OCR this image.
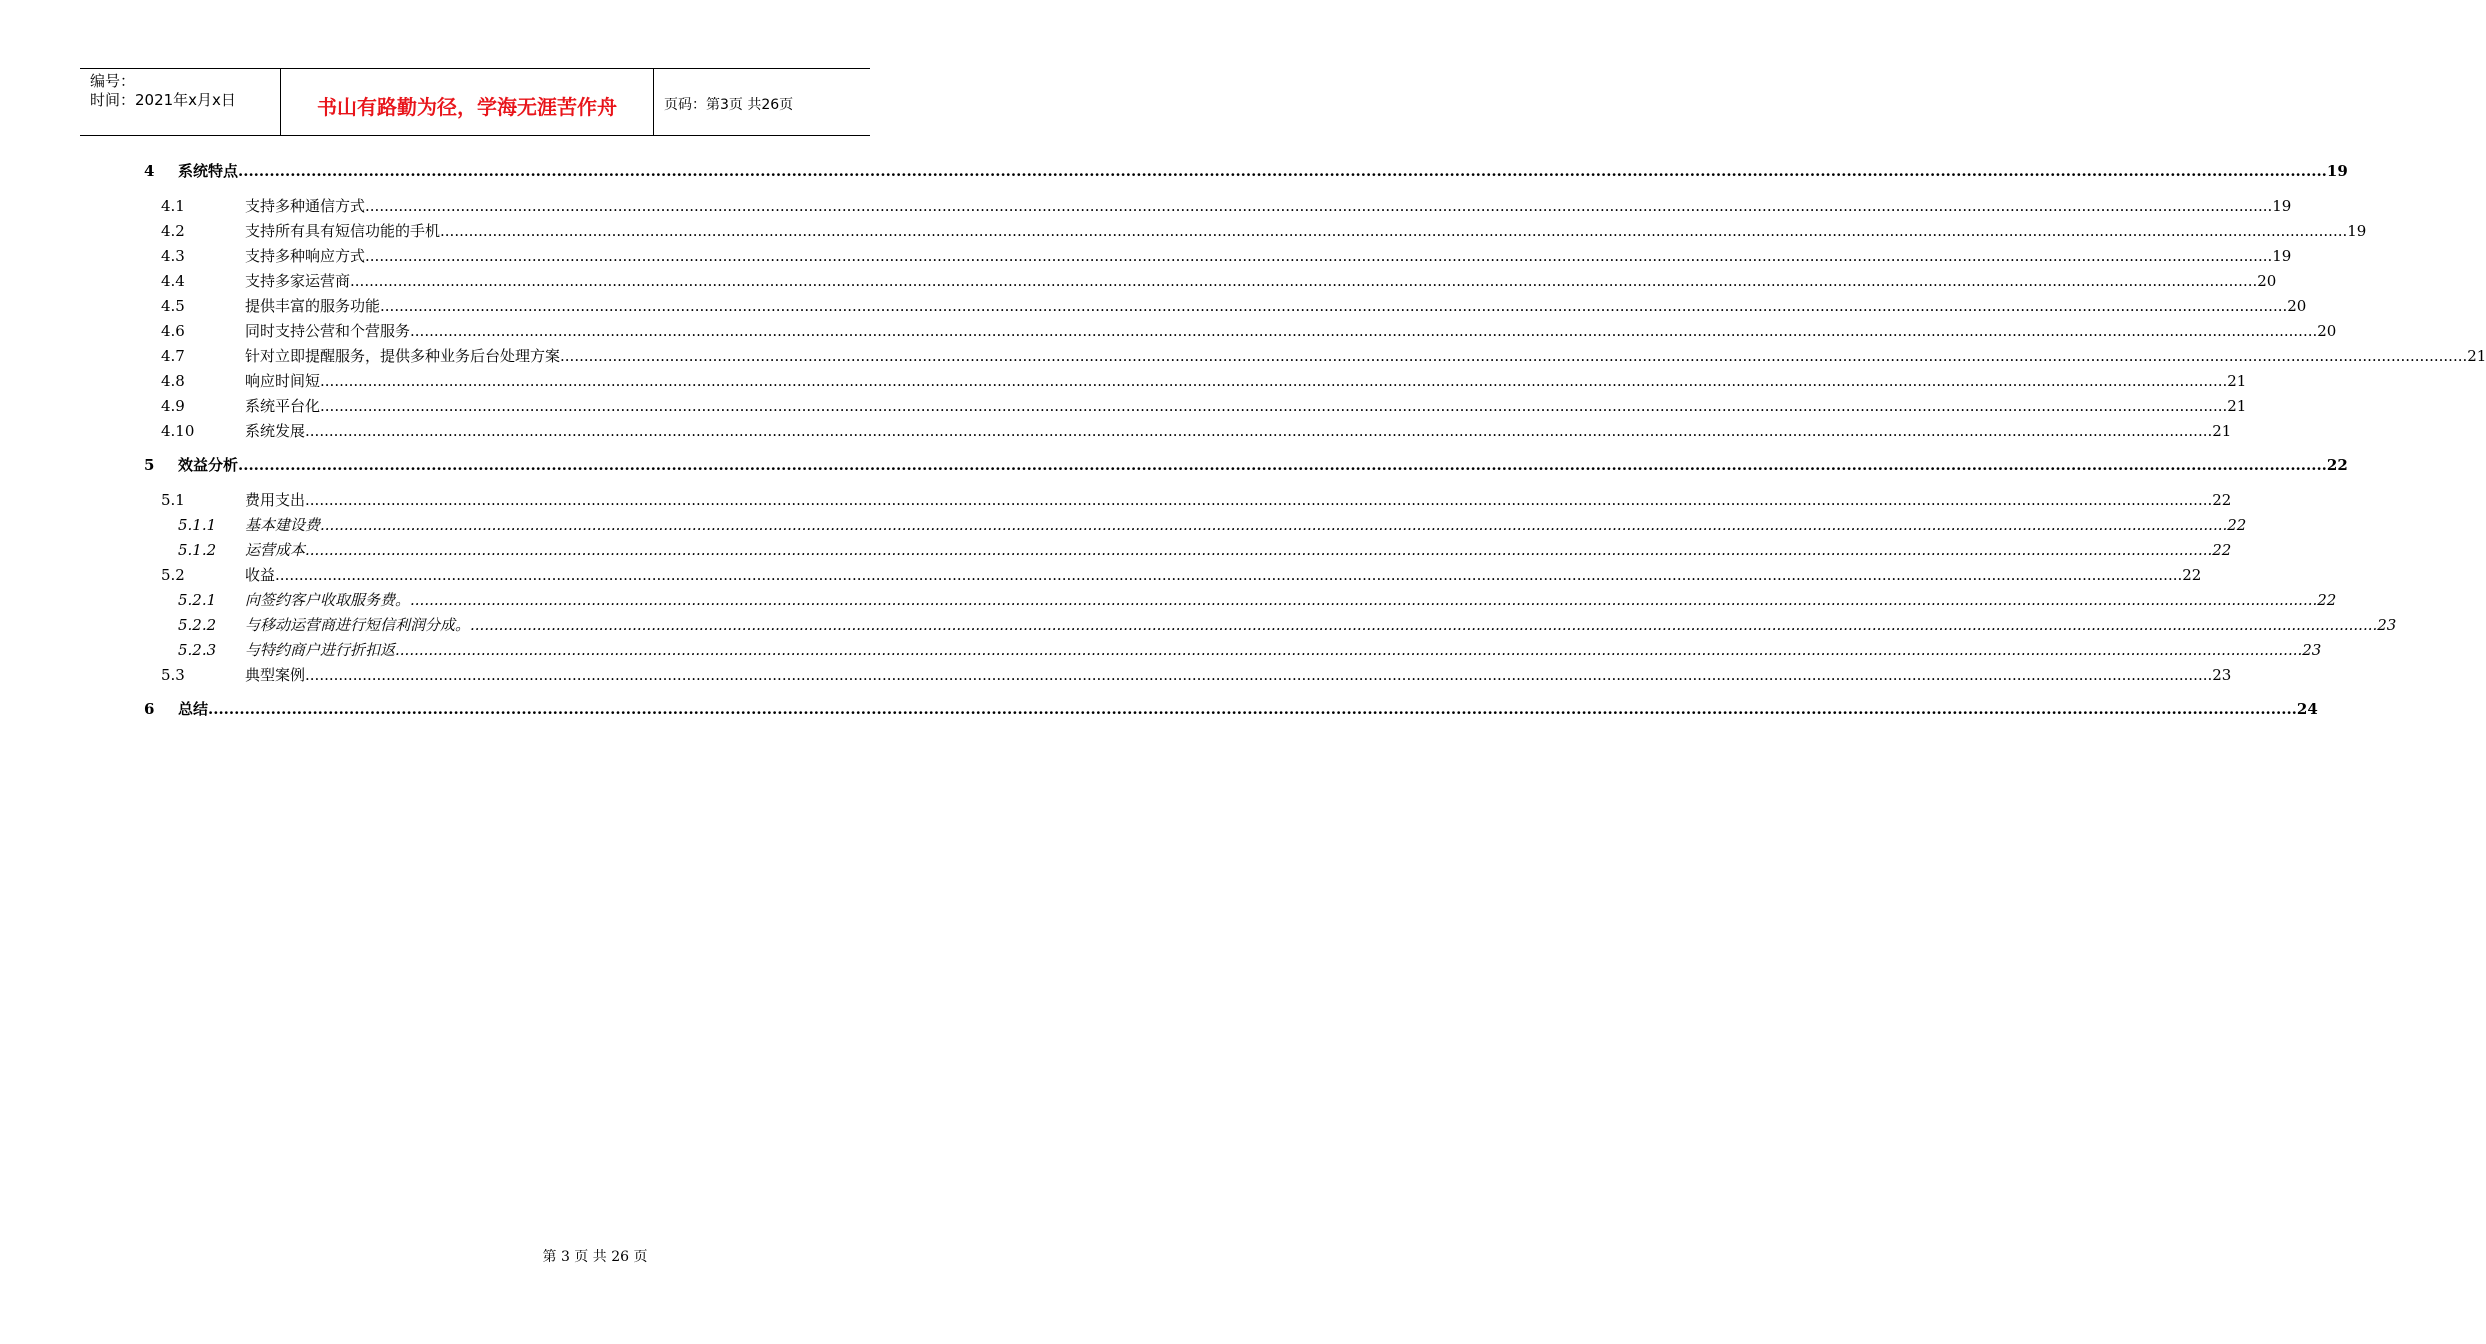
编号：
时间：2021年x月x日	书山有路勤为径，学海无涯苦作舟	页码：第3页 共26页
4 系统特点 ................................................................................................................................................................................................................................................................................................................................................................................................................ 19
4.1	支持多种通信方式 ................................................................................................................................................................................................................................................................................................................................................................................................................ 19
4.2	支持所有具有短信功能的手机 ................................................................................................................................................................................................................................................................................................................................................................................................................ 19
4.3	支持多种响应方式 ................................................................................................................................................................................................................................................................................................................................................................................................................ 19
4.4	支持多家运营商 ................................................................................................................................................................................................................................................................................................................................................................................................................ 20
4.5	提供丰富的服务功能 ................................................................................................................................................................................................................................................................................................................................................................................................................ 20
4.6	同时支持公营和个营服务 ................................................................................................................................................................................................................................................................................................................................................................................................................ 20
4.7	针对立即提醒服务，提供多种业务后台处理方案 ................................................................................................................................................................................................................................................................................................................................................................................................................ 21
4.8	响应时间短 ................................................................................................................................................................................................................................................................................................................................................................................................................ 21
4.9	系统平台化 ................................................................................................................................................................................................................................................................................................................................................................................................................ 21
4.10	系统发展 ................................................................................................................................................................................................................................................................................................................................................................................................................ 21
5 效益分析 ................................................................................................................................................................................................................................................................................................................................................................................................................ 22
5.1	费用支出 ................................................................................................................................................................................................................................................................................................................................................................................................................ 22
5.1.1 基本建设费 ................................................................................................................................................................................................................................................................................................................................................................................................................ 22
5.1.2 运营成本 ................................................................................................................................................................................................................................................................................................................................................................................................................ 22
5.2	收益 ................................................................................................................................................................................................................................................................................................................................................................................................................ 22
5.2.1 向签约客户收取服务费。 ................................................................................................................................................................................................................................................................................................................................................................................................................ 22
5.2.2 与移动运营商进行短信利润分成。 ................................................................................................................................................................................................................................................................................................................................................................................................................ 23
5.2.3 与特约商户进行折扣返 ................................................................................................................................................................................................................................................................................................................................................................................................................ 23
5.3	典型案例 ................................................................................................................................................................................................................................................................................................................................................................................................................ 23
6 总结 ................................................................................................................................................................................................................................................................................................................................................................................................................ 24
第 3 页 共 26 页
